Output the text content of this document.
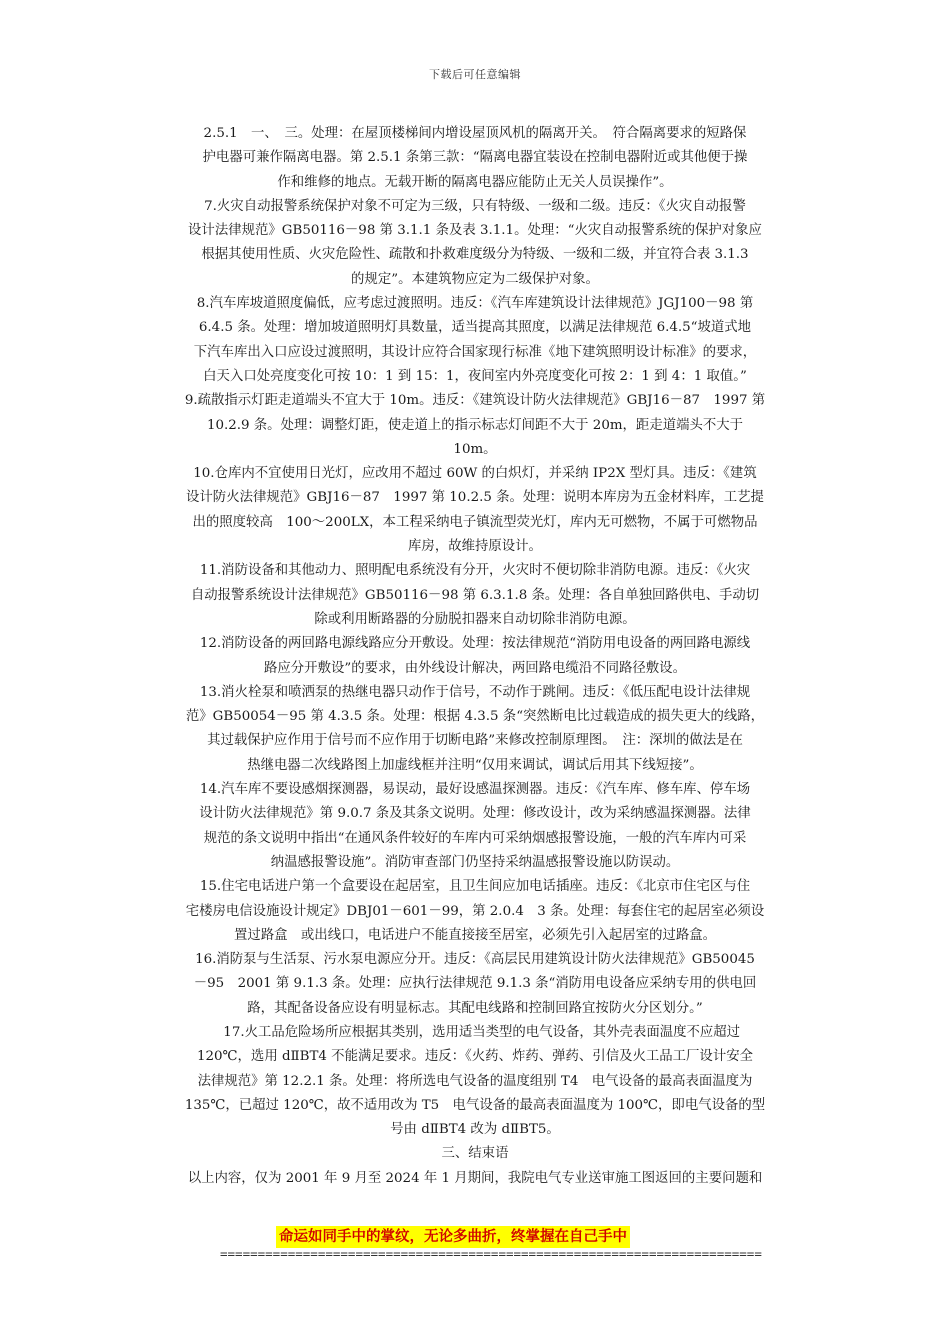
下载后可任意编辑
2.5.1　一、　三。处理：在屋顶楼梯间内增设屋顶风机的隔离开关。　符合隔离要求的短路保
护电器可兼作隔离电器。第 2.5.1 条第三款：“隔离电器宜装设在控制电器附近或其他便于操
作和维修的地点。无载开断的隔离电器应能防止无关人员误操作”。
7.火灾自动报警系统保护对象不可定为三级，只有特级、一级和二级。违反：《火灾自动报警
设计法律规范》GB50116－98 第 3.1.1 条及表 3.1.1。处理：“火灾自动报警系统的保护对象应
根据其使用性质、火灾危险性、疏散和扑救难度级分为特级、一级和二级，并宜符合表 3.1.3
的规定”。本建筑物应定为二级保护对象。
8.汽车库坡道照度偏低，应考虑过渡照明。违反：《汽车库建筑设计法律规范》JGJ100－98 第
6.4.5 条。处理：增加坡道照明灯具数量，适当提高其照度，以满足法律规范 6.4.5“坡道式地
下汽车库出入口应设过渡照明，其设计应符合国家现行标准《地下建筑照明设计标准》的要求，
白天入口处亮度变化可按 10：1 到 15：1，夜间室内外亮度变化可按 2：1 到 4：1 取值。”
9.疏散指示灯距走道端头不宜大于 10m。违反：《建筑设计防火法律规范》GBJ16－87　1997 第
10.2.9 条。处理：调整灯距，使走道上的指示标志灯间距不大于 20m，距走道端头不大于
10m。
10.仓库内不宜使用日光灯，应改用不超过 60W 的白炽灯，并采纳 IP2X 型灯具。违反：《建筑
设计防火法律规范》GBJ16－87　1997 第 10.2.5 条。处理：说明本库房为五金材料库，工艺提
出的照度较高　100～200LX，本工程采纳电子镇流型荧光灯，库内无可燃物，不属于可燃物品
库房，故维持原设计。
11.消防设备和其他动力、照明配电系统没有分开，火灾时不便切除非消防电源。违反：《火灾
自动报警系统设计法律规范》GB50116－98 第 6.3.1.8 条。处理：各自单独回路供电、手动切
除或利用断路器的分励脱扣器来自动切除非消防电源。
12.消防设备的两回路电源线路应分开敷设。处理：按法律规范“消防用电设备的两回路电源线
路应分开敷设”的要求，由外线设计解决，两回路电缆沿不同路径敷设。
13.消火栓泵和喷洒泵的热继电器只动作于信号，不动作于跳闸。违反：《低压配电设计法律规
范》GB50054－95 第 4.3.5 条。处理：根据 4.3.5 条“突然断电比过载造成的损失更大的线路，
其过载保护应作用于信号而不应作用于切断电路”来修改控制原理图。　注：深圳的做法是在
热继电器二次线路图上加虚线框并注明“仅用来调试，调试后用其下线短接”。
14.汽车库不要设感烟探测器，易误动，最好设感温探测器。违反：《汽车库、修车库、停车场
设计防火法律规范》第 9.0.7 条及其条文说明。处理：修改设计，改为采纳感温探测器。法律
规范的条文说明中指出“在通风条件较好的车库内可采纳烟感报警设施，一般的汽车库内可采
纳温感报警设施”。消防审查部门仍坚持采纳温感报警设施以防误动。
15.住宅电话进户第一个盒要设在起居室，且卫生间应加电话插座。违反：《北京市住宅区与住
宅楼房电信设施设计规定》DBJ01－601－99，第 2.0.4　3 条。处理：每套住宅的起居室必须设
置过路盒　或出线口，电话进户不能直接接至居室，必须先引入起居室的过路盒。
16.消防泵与生活泵、污水泵电源应分开。违反：《高层民用建筑设计防火法律规范》GB50045
－95　2001 第 9.1.3 条。处理：应执行法律规范 9.1.3 条“消防用电设备应采纳专用的供电回
路，其配备设备应设有明显标志。其配电线路和控制回路宜按防火分区划分。”
　17.火工品危险场所应根据其类别，选用适当类型的电气设备，其外壳表面温度不应超过
120℃，选用 dⅡBT4 不能满足要求。违反：《火药、炸药、弹药、引信及火工品工厂设计安全
法律规范》第 12.2.1 条。处理：将所选电气设备的温度组别 T4　电气设备的最高表面温度为
135℃，已超过 120℃，故不适用改为 T5　电气设备的最高表面温度为 100℃，即电气设备的型
号由 dⅡBT4 改为 dⅡBT5。
三、结束语
以上内容，仅为 2001 年 9 月至 2024 年 1 月期间，我院电气专业送审施工图返回的主要问题和
命运如同手中的掌纹，无论多曲折，终掌握在自己手中
========================================================================
